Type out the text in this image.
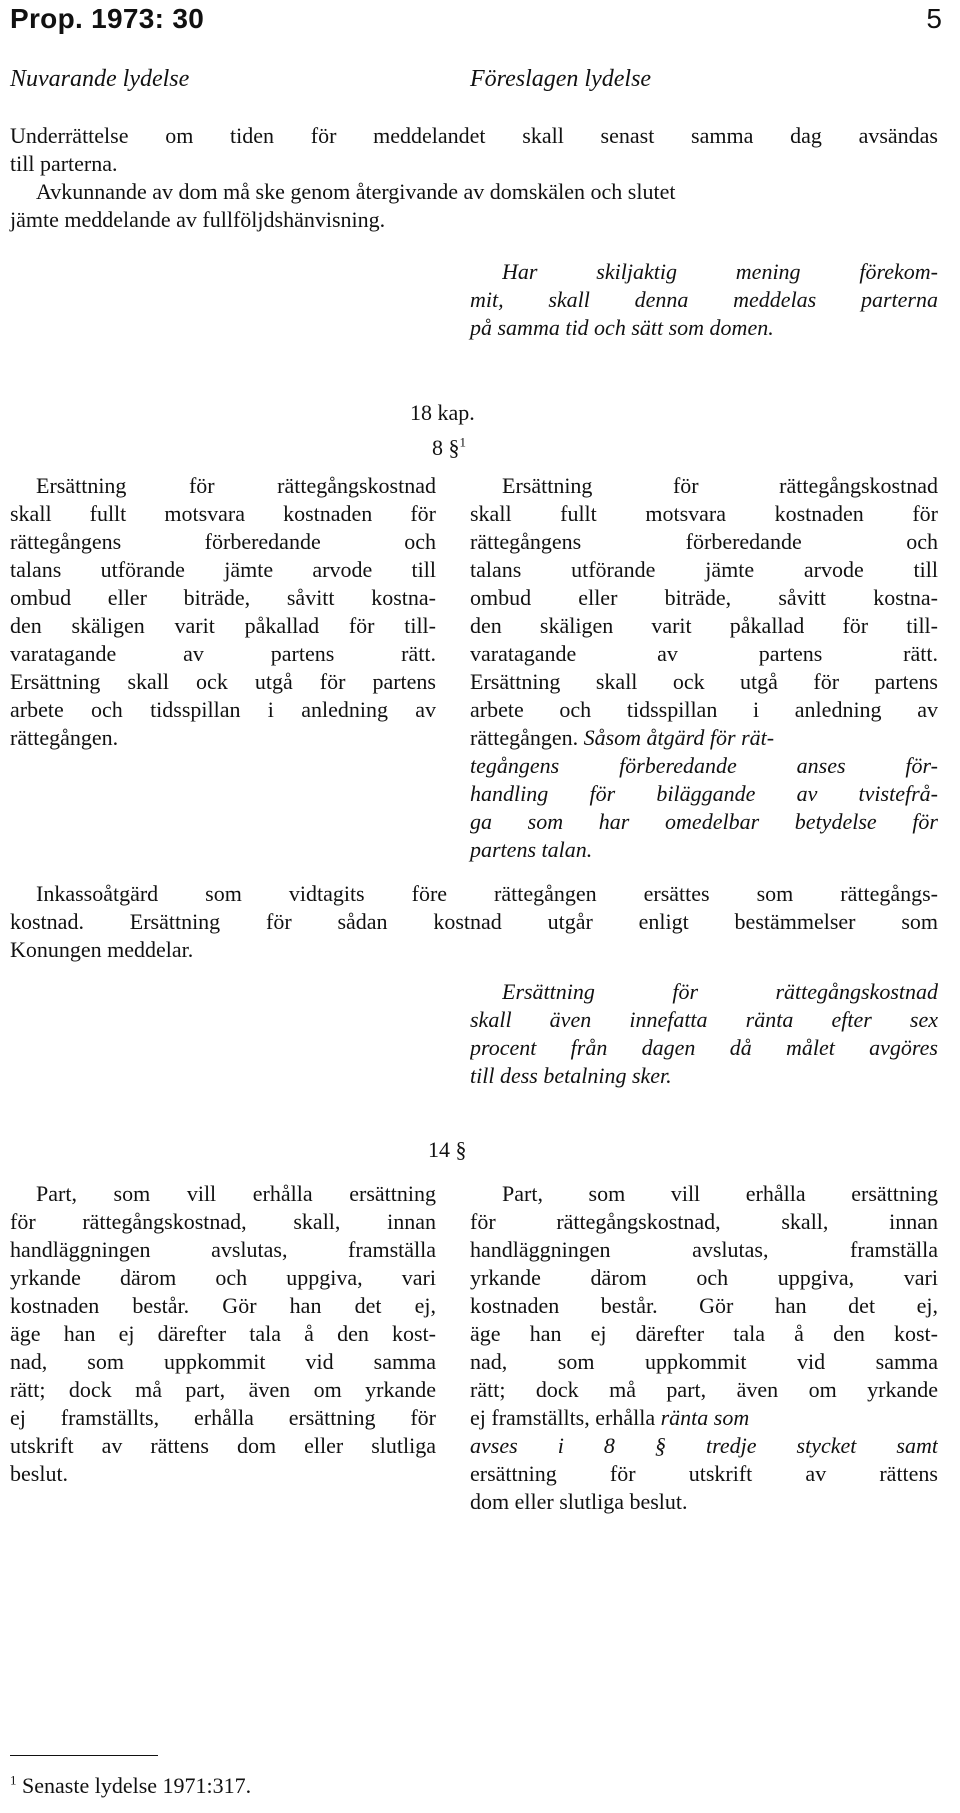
Prop. 1973: 30	5
Nuvarande lydelse	Föreslagen lydelse
Underrättelse om tiden för meddelandet skall senast samma dag avsändas
till parterna.
Avkunnande av dom må ske genom återgivande av domskälen och slutet
jämte meddelande av fullföljdshänvisning.
Har skiljaktig mening förekom-
mit, skall denna meddelas parterna
på samma tid och sätt som domen.
18 kap.
8 §$^1$
Ersättning för rättegångskostnad
skall fullt motsvara kostnaden för
rättegångens förberedande och
talans utförande jämte arvode till
ombud eller biträde, såvitt kostna-
den skäligen varit påkallad för till-
varatagande av partens rätt.
Ersättning skall ock utgå för partens
arbete och tidsspillan i anledning av
rättegången.
Ersättning för rättegångskostnad
skall fullt motsvara kostnaden för
rättegångens förberedande och
talans utförande jämte arvode till
ombud eller biträde, såvitt kostna-
den skäligen varit påkallad för till-
varatagande av partens rätt.
Ersättning skall ock utgå för partens
arbete och tidsspillan i anledning av
rättegången. Såsom åtgärd för rät-
tegångens förberedande anses för-
handling för biläggande av tvistefrå-
ga som har omedelbar betydelse för
partens talan.
Inkassoåtgärd som vidtagits före rättegången ersättes som rättegångs-
kostnad. Ersättning för sådan kostnad utgår enligt bestämmelser som
Konungen meddelar.
Ersättning för rättegångskostnad
skall även innefatta ränta efter sex
procent från dagen då målet avgöres
till dess betalning sker.
14 §
Part, som vill erhålla ersättning
för rättegångskostnad, skall, innan
handläggningen avslutas, framställa
yrkande därom och uppgiva, vari
kostnaden består. Gör han det ej,
äge han ej därefter tala å den kost-
nad, som uppkommit vid samma
rätt; dock må part, även om yrkande
ej framställts, erhålla ersättning för
utskrift av rättens dom eller slutliga
beslut.
Part, som vill erhålla ersättning
för rättegångskostnad, skall, innan
handläggningen avslutas, framställa
yrkande därom och uppgiva, vari
kostnaden består. Gör han det ej,
äge han ej därefter tala å den kost-
nad, som uppkommit vid samma
rätt; dock må part, även om yrkande
ej framställts, erhålla ränta som
avses i 8 § tredje stycket samt
ersättning för utskrift av rättens
dom eller slutliga beslut.
$^1$ Senaste lydelse 1971:317.
